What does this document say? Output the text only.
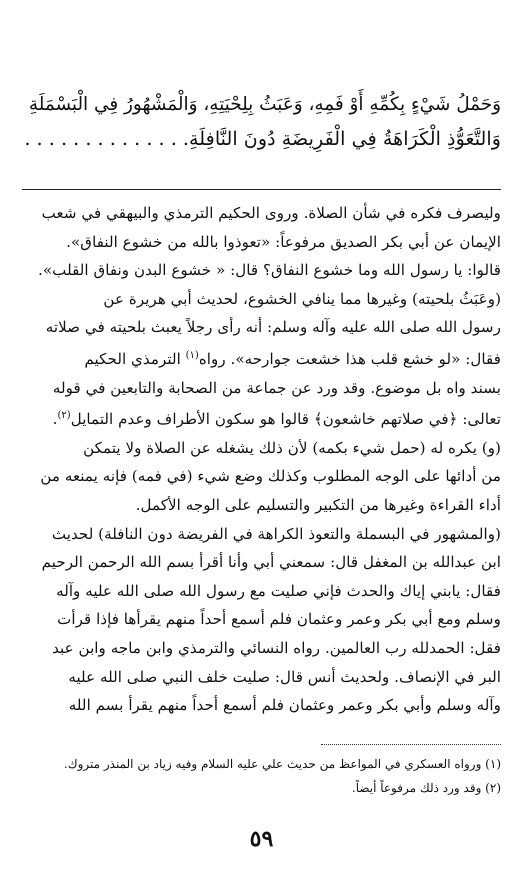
وَحَمْلُ شَيْءٍ بِكُمِّهِ أَوْ فَمِهِ، وَعَبَثُ بِلِحْيَتِهِ، وَالْمَشْهُورُ فِي الْبَسْمَلَةِ

وَالتَّعَوُّذِ الْكَرَاهَةُ فِي الْفَرِيضَةِ دُونَ النَّافِلَةِ. . . . . . . . . . . . . .

وليصرف فكره في شأن الصلاة. وروى الحكيم الترمذي والبيهقي في شعب

الإيمان عن أبي بكر الصديق مرفوعاً: «تعوذوا بالله من خشوع النفاق».

قالوا: يا رسول الله وما خشوع النفاق؟ قال: « خشوع البدن ونفاق القلب».

(وعَبَثُ بلحيته) وغيرها مما ينافي الخشوع، لحديث أبي هريرة عن

رسول الله صلى الله عليه وآله وسلم: أنه رأى رجلاً يعبث بلحيته في صلاته

فقال: «لو خشع قلب هذا خشعت جوارحه». رواه$^{(١)}$ الترمذي الحكيم

بسند واه بل موضوع. وقد ورد عن جماعة من الصحابة والتابعين في قوله

تعالى: ﴿في صلاتهم خاشعون﴾ قالوا هو سكون الأطراف وعدم التمايل$^{(٢)}$.

(و) يكره له (حمل شيء بكمه) لأن ذلك يشغله عن الصلاة ولا يتمكن

من أدائها على الوجه المطلوب وكذلك وضع شيء (في فمه) فإنه يمنعه من

أداء القراءة وغيرها من التكبير والتسليم على الوجه الأكمل.

(والمشهور في البسملة والتعوذ الكراهة في الفريضة دون النافلة) لحديث

ابن عبدالله بن المغفل قال: سمعني أبي وأنا أقرأ بسم الله الرحمن الرحيم

فقال: يابني إياك والحدث فإني صليت مع رسول الله صلى الله عليه وآله

وسلم ومع أبي بكر وعمر وعثمان فلم أسمع أحداً منهم يقرأها فإذا قرأت

فقل: الحمدلله رب العالمين. رواه النسائي والترمذي وابن ماجه وابن عبد

البر في الإنصاف. ولحديث أنس قال: صليت خلف النبي صلى الله عليه

وآله وسلم وأبي بكر وعمر وعثمان فلم أسمع أحداً منهم يقرأ بسم الله

(١) ورواه العسكري في المواعظ من حديث علي عليه السلام وفيه زياد بن المنذر متروك.

(٢) وقد ورد ذلك مرفوعاً أيضاً.

٥٩
